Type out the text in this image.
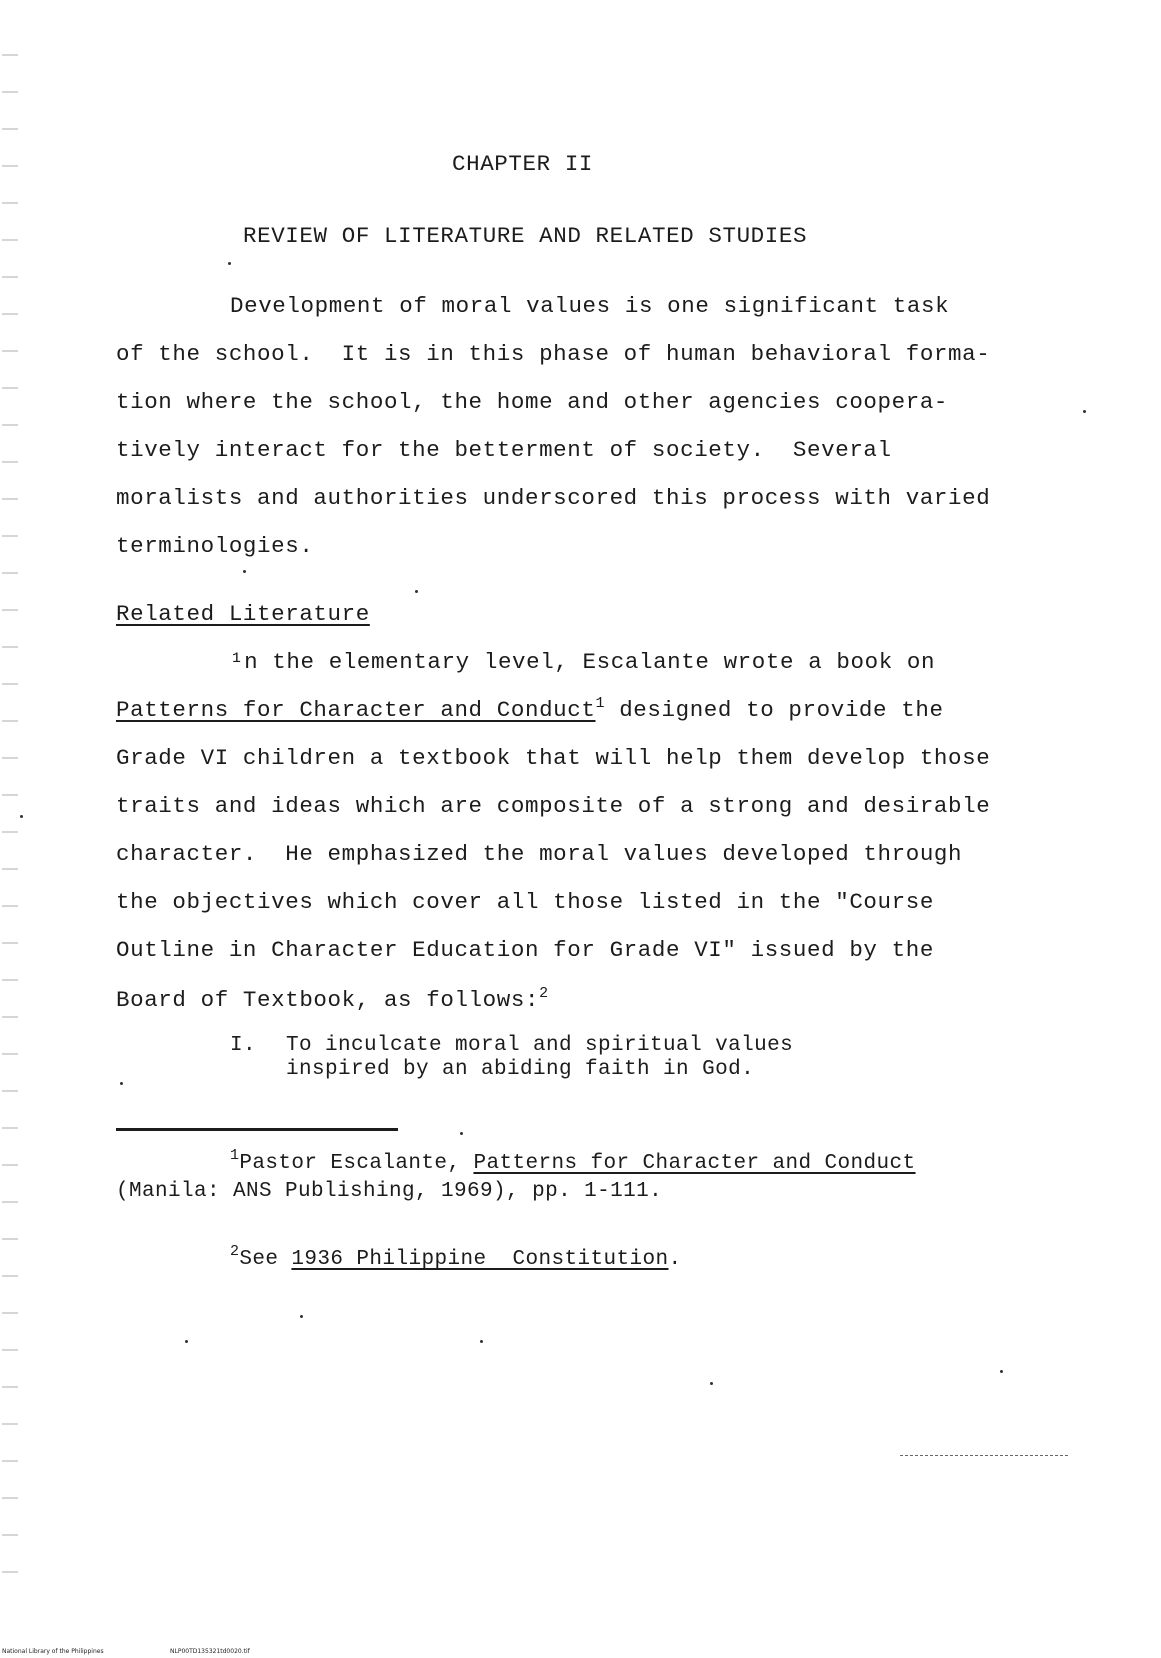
CHAPTER II
REVIEW OF LITERATURE AND RELATED STUDIES
Development of moral values is one significant task
of the school.  It is in this phase of human behavioral forma-
tion where the school, the home and other agencies coopera-
tively interact for the betterment of society.  Several
moralists and authorities underscored this process with varied
terminologies.
Related Literature
¹n the elementary level, Escalante wrote a book on
Patterns for Character and Conduct$^1$ designed to provide the
Grade VI children a textbook that will help them develop those
traits and ideas which are composite of a strong and desirable
character.  He emphasized the moral values developed through
the objectives which cover all those listed in the "Course
Outline in Character Education for Grade VI" issued by the
Board of Textbook, as follows:$^2$
I. To inculcate moral and spiritual values
inspired by an abiding faith in God.
$^1$Pastor Escalante, Patterns for Character and Conduct
(Manila: ANS Publishing, 1969), pp. 1-111.
$^2$See 1936 Philippine  Constitution.
National Library of the Philippines	NLP00TD135321td0020.tif
